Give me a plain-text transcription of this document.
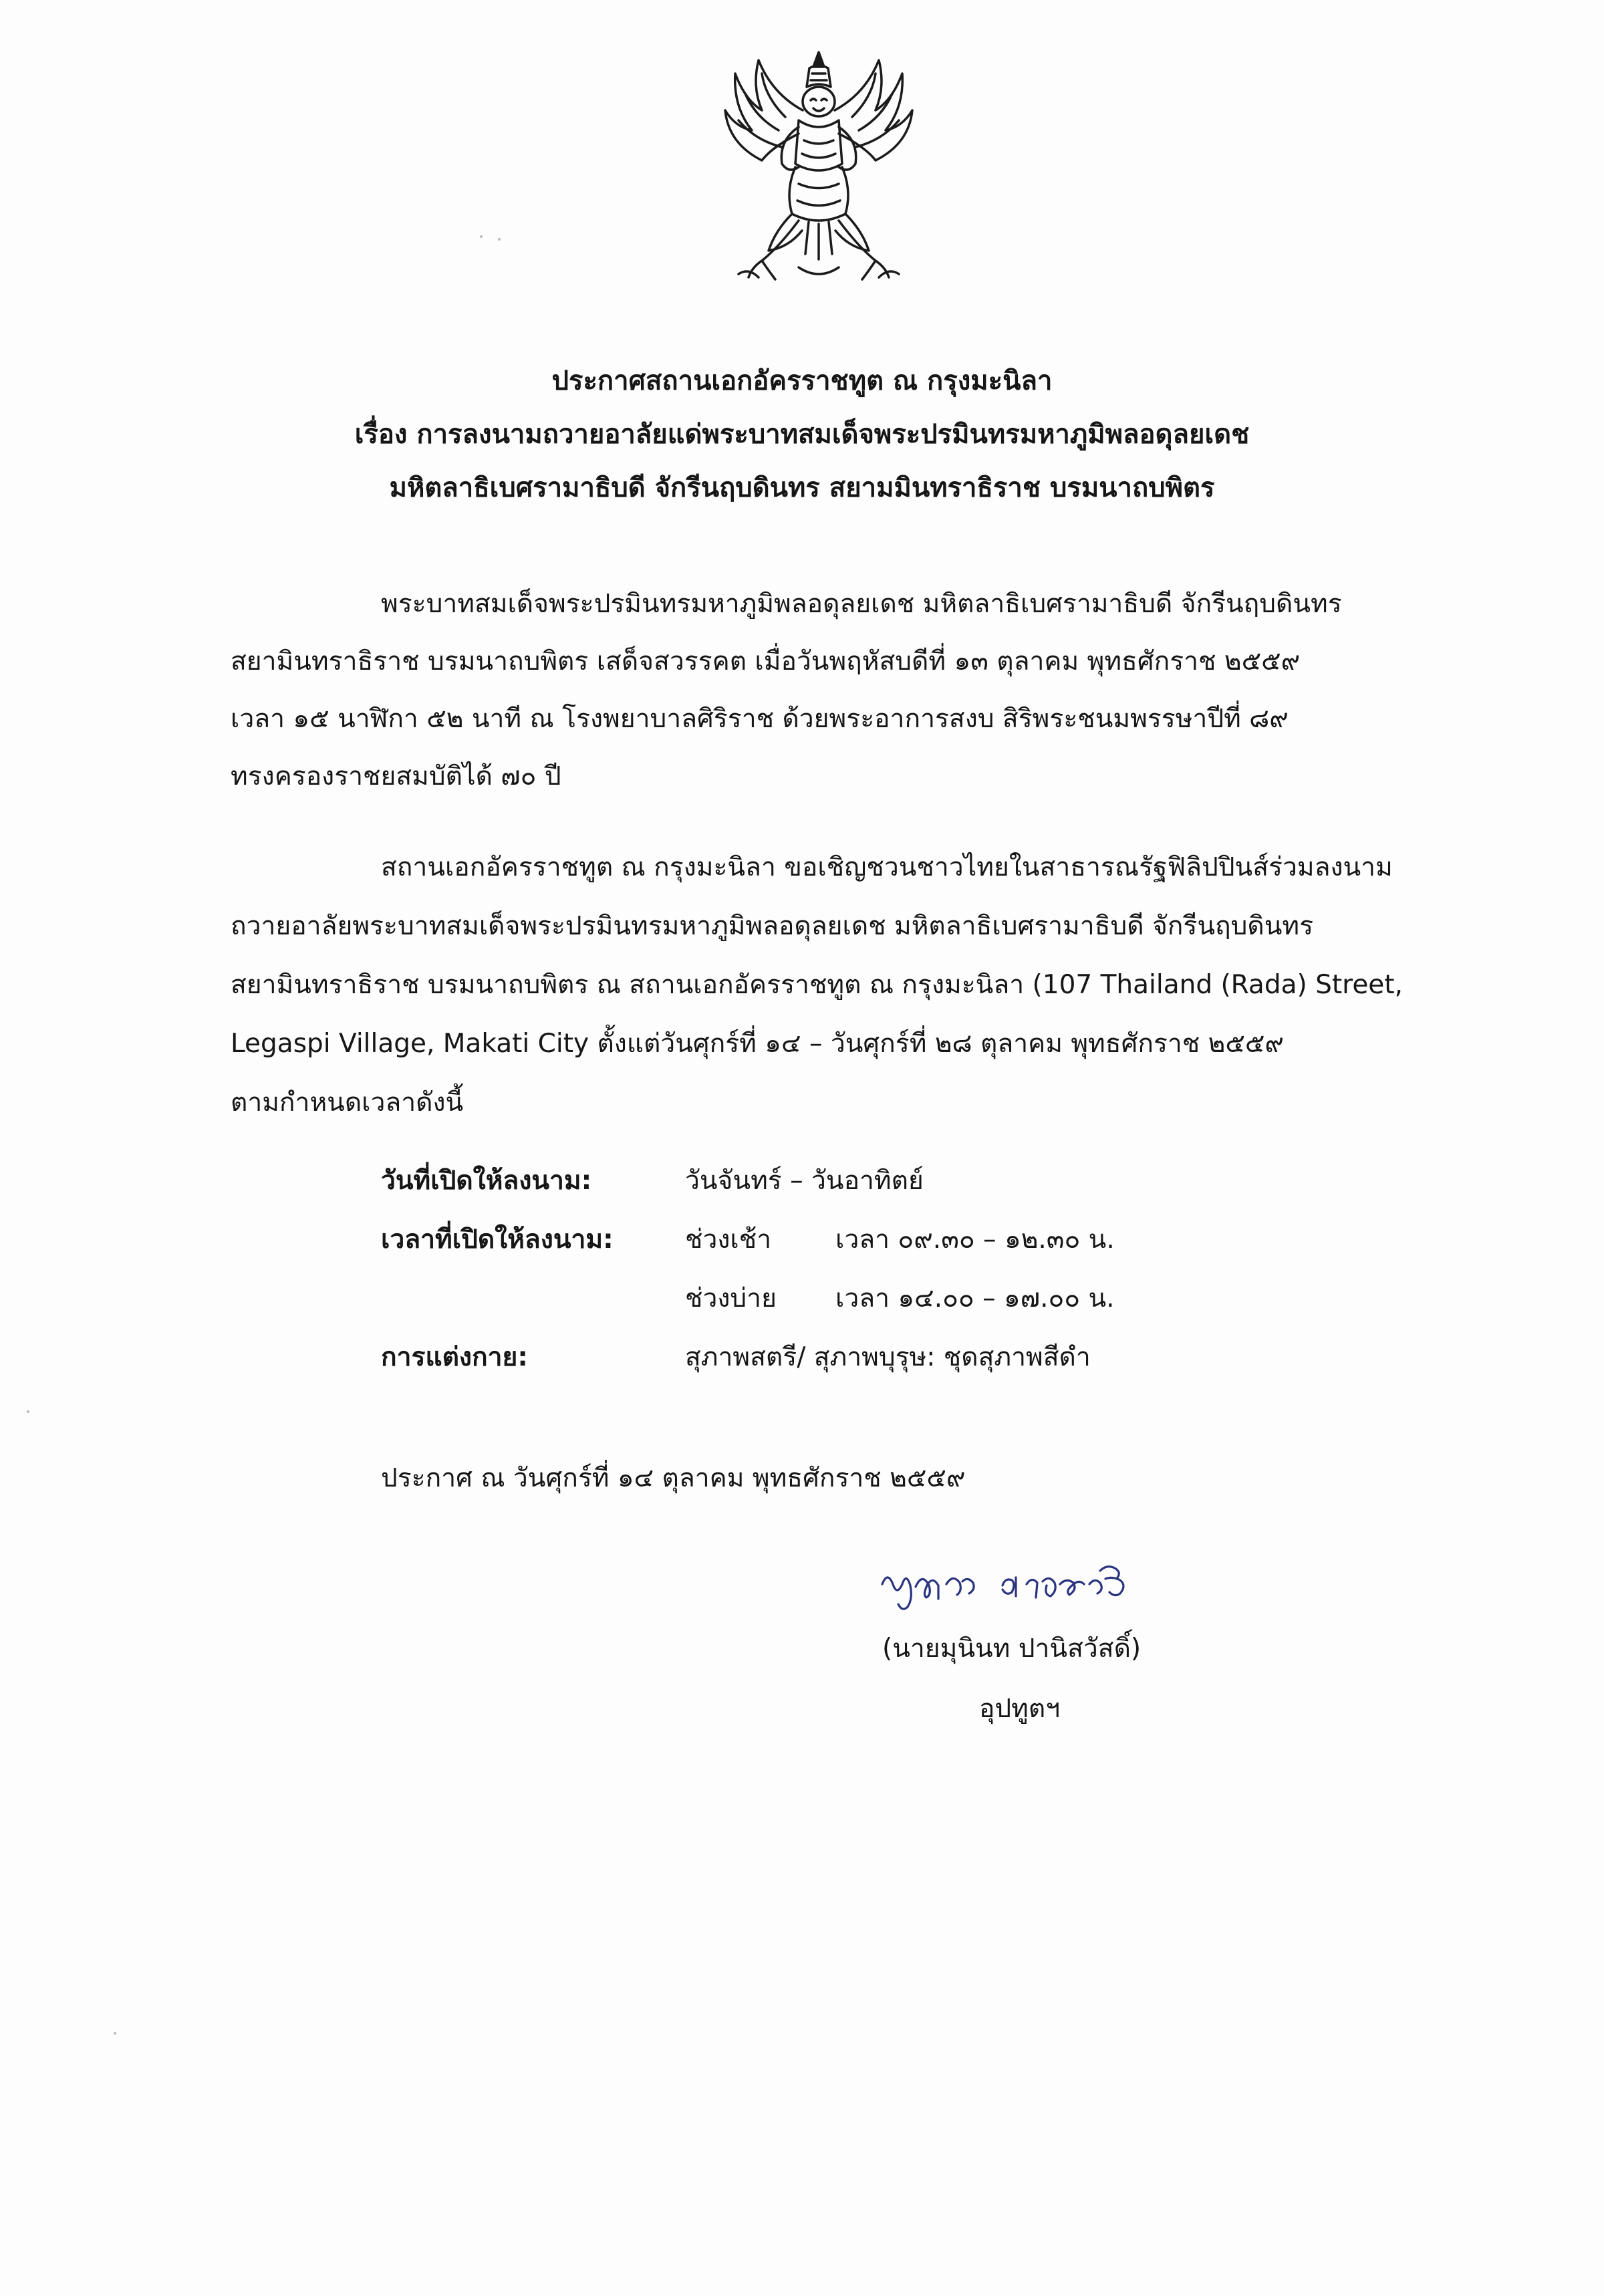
ประกาศสถานเอกอัครราชทูต ณ กรุงมะนิลา
เรื่อง การลงนามถวายอาลัยแด่พระบาทสมเด็จพระปรมินทรมหาภูมิพลอดุลยเดช
มหิตลาธิเบศรามาธิบดี จักรีนฤบดินทร สยามมินทราธิราช บรมนาถบพิตร
พระบาทสมเด็จพระปรมินทรมหาภูมิพลอดุลยเดช มหิตลาธิเบศรามาธิบดี จักรีนฤบดินทร
สยามินทราธิราช บรมนาถบพิตร เสด็จสวรรคต เมื่อวันพฤหัสบดีที่ ๑๓ ตุลาคม พุทธศักราช ๒๕๕๙
เวลา ๑๕ นาฬิกา ๕๒ นาที ณ โรงพยาบาลศิริราช ด้วยพระอาการสงบ สิริพระชนมพรรษาปีที่ ๘๙
ทรงครองราชยสมบัติได้ ๗๐ ปี
สถานเอกอัครราชทูต ณ กรุงมะนิลา ขอเชิญชวนชาวไทยในสาธารณรัฐฟิลิปปินส์ร่วมลงนาม
ถวายอาลัยพระบาทสมเด็จพระปรมินทรมหาภูมิพลอดุลยเดช มหิตลาธิเบศรามาธิบดี จักรีนฤบดินทร
สยามินทราธิราช บรมนาถบพิตร ณ สถานเอกอัครราชทูต ณ กรุงมะนิลา (107 Thailand (Rada) Street,
Legaspi Village, Makati City ตั้งแต่วันศุกร์ที่ ๑๔ – วันศุกร์ที่ ๒๘ ตุลาคม พุทธศักราช ๒๕๕๙
ตามกำหนดเวลาดังนี้
วันที่เปิดให้ลงนาม:	วันจันทร์ – วันอาทิตย์
เวลาที่เปิดให้ลงนาม:	ช่วงเช้า เวลา ๐๙.๓๐ – ๑๒.๓๐ น.
ช่วงบ่าย เวลา ๑๔.๐๐ – ๑๗.๐๐ น.
การแต่งกาย:	สุภาพสตรี/ สุภาพบุรุษ: ชุดสุภาพสีดำ
ประกาศ ณ วันศุกร์ที่ ๑๔ ตุลาคม พุทธศักราช ๒๕๕๙
(นายมุนินท ปานิสวัสดิ์)
อุปทูตฯ
